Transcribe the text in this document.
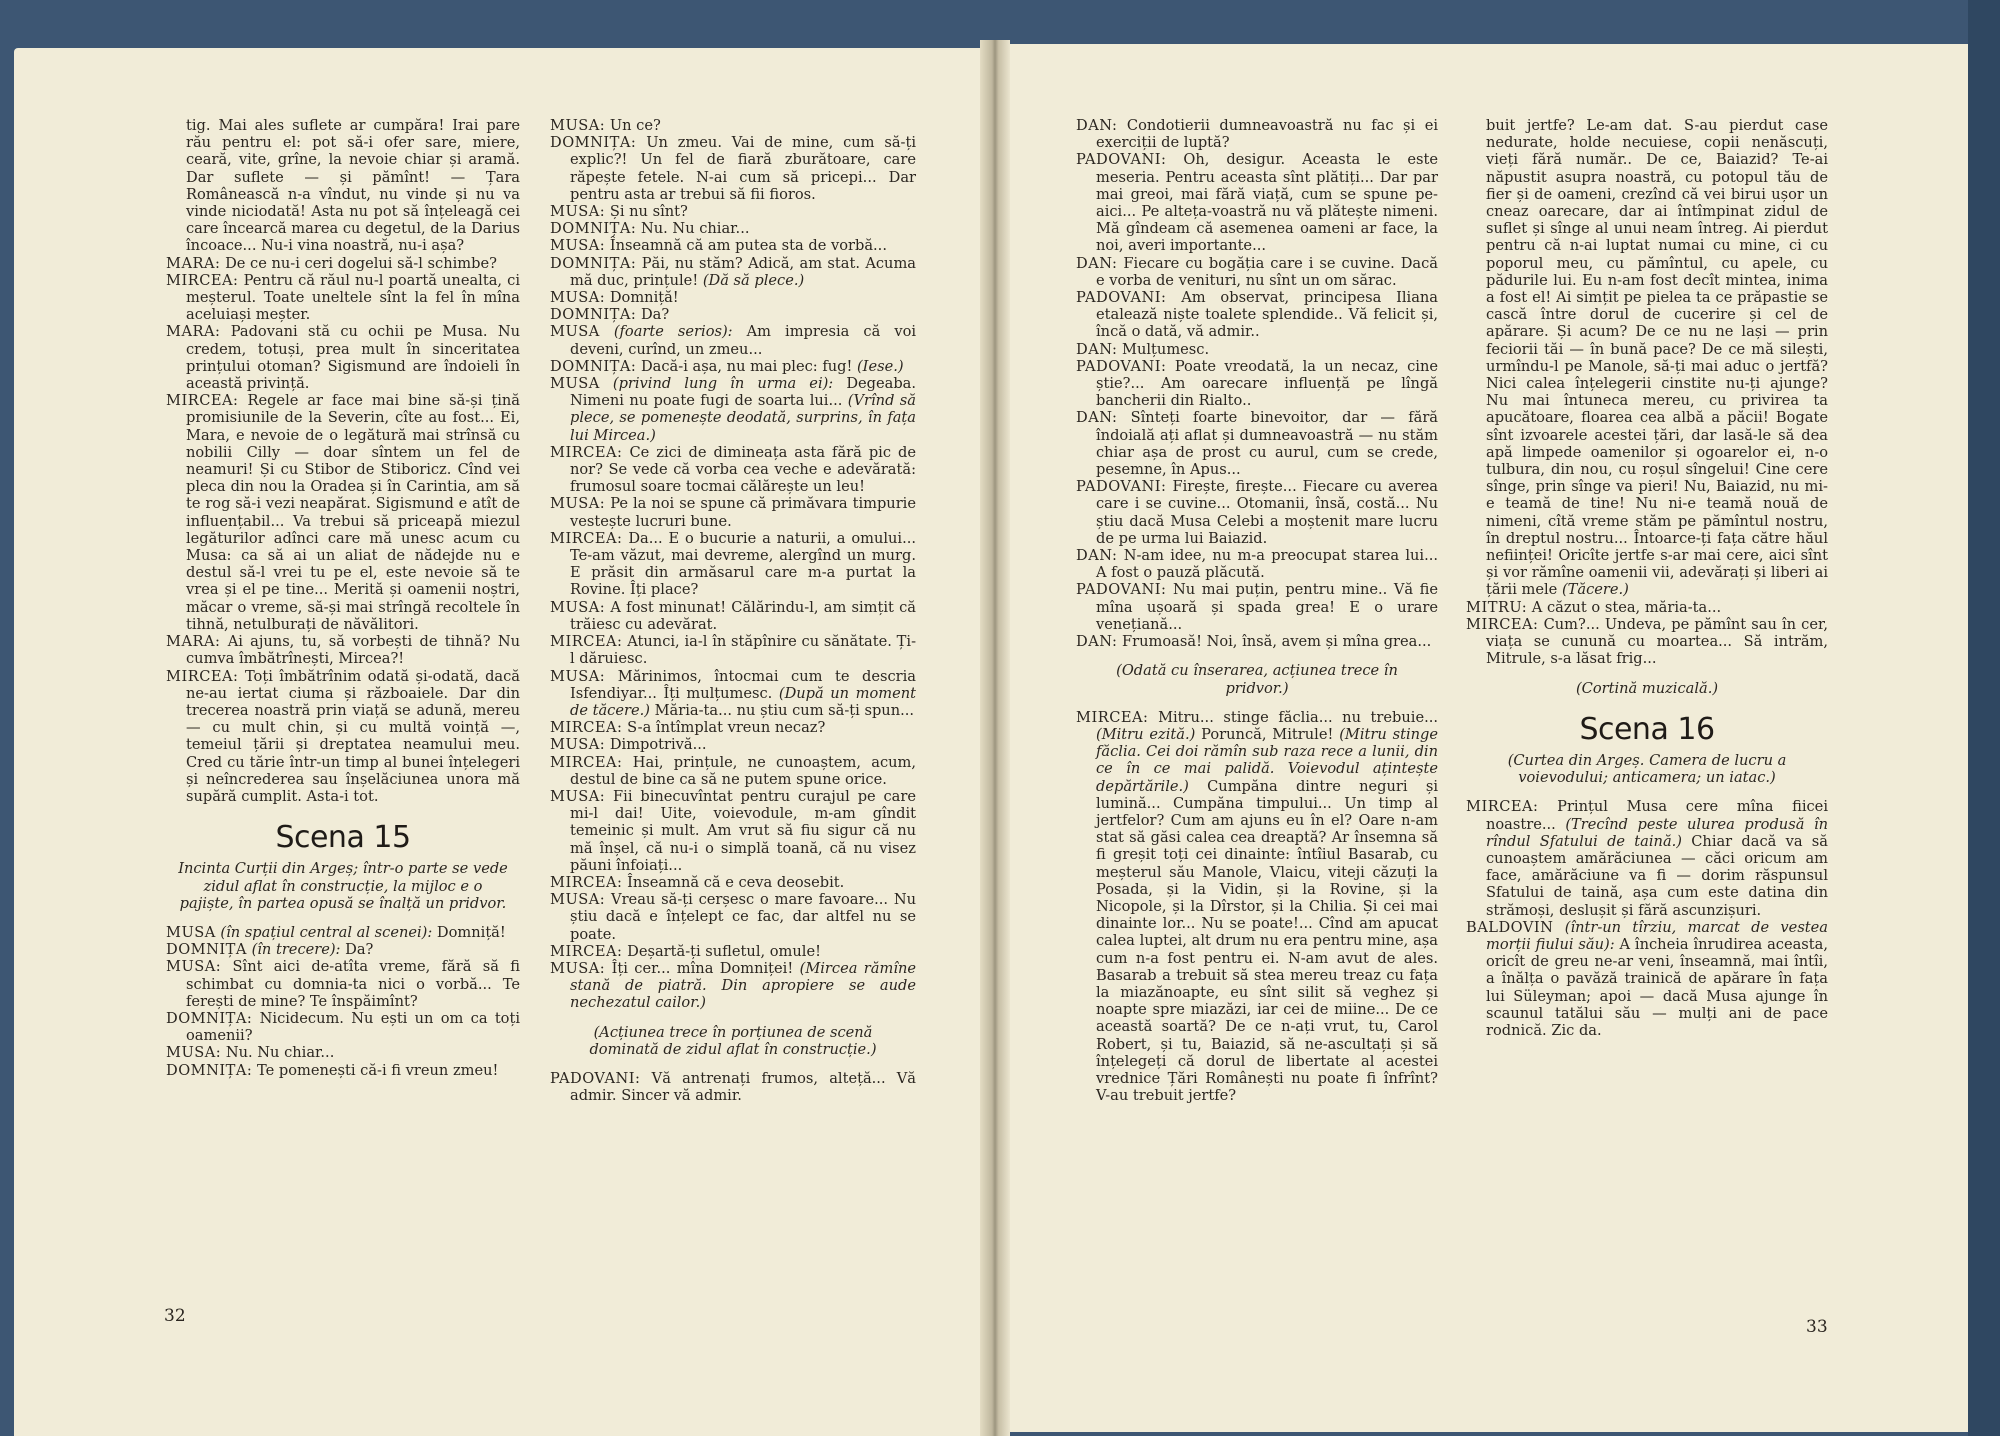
tig. Mai ales suflete ar cumpăra! Irai pare rău pentru el: pot să-i ofer sare, miere, ceară, vite, grîne, la nevoie chiar și aramă. Dar suflete — și pămînt! — Țara Românească n-a vîndut, nu vinde și nu va vinde niciodată! Asta nu pot să înțeleagă cei care încearcă marea cu degetul, de la Darius încoace... Nu-i vina noastră, nu-i așa?

MARA: De ce nu-i ceri dogelui să-l schimbe?

MIRCEA: Pentru că răul nu-l poartă unealta, ci meșterul. Toate uneltele sînt la fel în mîna aceluiași meșter.

MARA: Padovani stă cu ochii pe Musa. Nu credem, totuși, prea mult în sinceritatea prințului otoman? Sigismund are îndoieli în această privință.

MIRCEA: Regele ar face mai bine să-și țină promisiunile de la Severin, cîte au fost... Ei, Mara, e nevoie de o legătură mai strînsă cu nobilii Cilly — doar sîntem un fel de neamuri! Și cu Stibor de Stiboricz. Cînd vei pleca din nou la Oradea și în Carintia, am să te rog să-i vezi neapărat. Sigismund e atît de influențabil... Va trebui să priceapă miezul legăturilor adînci care mă unesc acum cu Musa: ca să ai un aliat de nădejde nu e destul să-l vrei tu pe el, este nevoie să te vrea și el pe tine... Merită și oamenii noștri, măcar o vreme, să-și mai strîngă recoltele în tihnă, netulburați de năvălitori.

MARA: Ai ajuns, tu, să vorbești de tihnă? Nu cumva îmbătrînești, Mircea?!

MIRCEA: Toți îmbătrînim odată și-odată, dacă ne-au iertat ciuma și războaiele. Dar din trecerea noastră prin viață se adună, mereu — cu mult chin, și cu multă voință —, temeiul țării și dreptatea neamului meu. Cred cu tărie într-un timp al bunei înțelegeri și neîncrederea sau înșelăciunea unora mă supără cumplit. Asta-i tot.

Scena 15
Incinta Curții din Argeș; într-o parte se vede zidul aflat în construcție, la mijloc e o pajiște, în partea opusă se înalță un pridvor.

MUSA (în spațiul central al scenei): Domniță!

DOMNIȚA (în trecere): Da?

MUSA: Sînt aici de-atîta vreme, fără să fi schimbat cu domnia-ta nici o vorbă... Te ferești de mine? Te înspăimînt?

DOMNIȚA: Nicidecum. Nu ești un om ca toți oamenii?

MUSA: Nu. Nu chiar...

DOMNIȚA: Te pomenești că-i fi vreun zmeu!

MUSA: Un ce?

DOMNIȚA: Un zmeu. Vai de mine, cum să-ți explic?! Un fel de fiară zburătoare, care răpește fetele. N-ai cum să pricepi... Dar pentru asta ar trebui să fii fioros.

MUSA: Și nu sînt?

DOMNIȚA: Nu. Nu chiar...

MUSA: Înseamnă că am putea sta de vorbă...

DOMNIȚA: Păi, nu stăm? Adică, am stat. Acuma mă duc, prințule! (Dă să plece.)

MUSA: Domniță!

DOMNIȚA: Da?

MUSA (foarte serios): Am impresia că voi deveni, curînd, un zmeu...

DOMNIȚA: Dacă-i așa, nu mai plec: fug! (Iese.)

MUSA (privind lung în urma ei): Degeaba. Nimeni nu poate fugi de soarta lui... (Vrînd să plece, se pomenește deodată, surprins, în fața lui Mircea.)

MIRCEA: Ce zici de dimineața asta fără pic de nor? Se vede că vorba cea veche e adevărată: frumosul soare tocmai călărește un leu!

MUSA: Pe la noi se spune că primăvara timpurie vestește lucruri bune.

MIRCEA: Da... E o bucurie a naturii, a omului... Te-am văzut, mai devreme, alergînd un murg. E prăsit din armăsarul care m-a purtat la Rovine. Îți place?

MUSA: A fost minunat! Călărindu-l, am simțit că trăiesc cu adevărat.

MIRCEA: Atunci, ia-l în stăpînire cu sănătate. Ți-l dăruiesc.

MUSA: Mărinimos, întocmai cum te descria Isfendiyar... Îți mulțumesc. (După un moment de tăcere.) Măria-ta... nu știu cum să-ți spun...

MIRCEA: S-a întîmplat vreun necaz?

MUSA: Dimpotrivă...

MIRCEA: Hai, prințule, ne cunoaștem, acum, destul de bine ca să ne putem spune orice.

MUSA: Fii binecuvîntat pentru curajul pe care mi-l dai! Uite, voievodule, m-am gîndit temeinic și mult. Am vrut să fiu sigur că nu mă înșel, că nu-i o simplă toană, că nu visez păuni înfoiați...

MIRCEA: Înseamnă că e ceva deosebit.

MUSA: Vreau să-ți cerșesc o mare favoare... Nu știu dacă e înțelept ce fac, dar altfel nu se poate.

MIRCEA: Deșartă-ți sufletul, omule!

MUSA: Îți cer... mîna Domniței! (Mircea rămîne stană de piatră. Din apropiere se aude nechezatul cailor.)

(Acțiunea trece în porțiunea de scenă dominată de zidul aflat în construcție.)

PADOVANI: Vă antrenați frumos, alteță... Vă admir. Sincer vă admir.

DAN: Condotierii dumneavoastră nu fac și ei exerciții de luptă?

PADOVANI: Oh, desigur. Aceasta le este meseria. Pentru aceasta sînt plătiți... Dar par mai greoi, mai fără viață, cum se spune pe-aici... Pe alteța-voastră nu vă plătește nimeni. Mă gîndeam că asemenea oameni ar face, la noi, averi importante...

DAN: Fiecare cu bogăția care i se cuvine. Dacă e vorba de venituri, nu sînt un om sărac.

PADOVANI: Am observat, principesa Iliana etalează niște toalete splendide.. Vă felicit și, încă o dată, vă admir..

DAN: Mulțumesc.

PADOVANI: Poate vreodată, la un necaz, cine știe?... Am oarecare influență pe lîngă bancherii din Rialto..

DAN: Sînteți foarte binevoitor, dar — fără îndoială ați aflat și dumneavoastră — nu stăm chiar așa de prost cu aurul, cum se crede, pesemne, în Apus...

PADOVANI: Firește, firește... Fiecare cu averea care i se cuvine... Otomanii, însă, costă... Nu știu dacă Musa Celebi a moștenit mare lucru de pe urma lui Baiazid.

DAN: N-am idee, nu m-a preocupat starea lui... A fost o pauză plăcută.

PADOVANI: Nu mai puțin, pentru mine.. Vă fie mîna ușoară și spada grea! E o urare venețiană...

DAN: Frumoasă! Noi, însă, avem și mîna grea...

(Odată cu înserarea, acțiunea trece în pridvor.)

MIRCEA: Mitru... stinge făclia... nu trebuie... (Mitru ezită.) Poruncă, Mitrule! (Mitru stinge făclia. Cei doi rămîn sub raza rece a lunii, din ce în ce mai palidă. Voievodul ațintește depărtările.) Cumpăna dintre neguri și lumină... Cumpăna timpului... Un timp al jertfelor? Cum am ajuns eu în el? Oare n-am stat să găsi calea cea dreaptă? Ar însemna să fi greșit toți cei dinainte: întîiul Basarab, cu meșterul său Manole, Vlaicu, viteji căzuți la Posada, și la Vidin, și la Rovine, și la Nicopole, și la Dîrstor, și la Chilia. Și cei mai dinainte lor... Nu se poate!... Cînd am apucat calea luptei, alt drum nu era pentru mine, așa cum n-a fost pentru ei. N-am avut de ales. Basarab a trebuit să stea mereu treaz cu fața la miazănoapte, eu sînt silit să veghez și noapte spre miazăzi, iar cei de miine... De ce această soartă? De ce n-ați vrut, tu, Carol Robert, și tu, Baiazid, să ne-ascultați și să înțelegeți că dorul de libertate al acestei vrednice Țări Românești nu poate fi înfrînt? V-au trebuit jertfe?

buit jertfe? Le-am dat. S-au pierdut case nedurate, holde necuiese, copii nenăscuți, vieți fără număr.. De ce, Baiazid? Te-ai năpustit asupra noastră, cu potopul tău de fier și de oameni, crezînd că vei birui ușor un cneaz oarecare, dar ai întîmpinat zidul de suflet și sînge al unui neam întreg. Ai pierdut pentru că n-ai luptat numai cu mine, ci cu poporul meu, cu pămîntul, cu apele, cu pădurile lui. Eu n-am fost decît mintea, inima a fost el! Ai simțit pe pielea ta ce prăpastie se cască între dorul de cucerire și cel de apărare. Și acum? De ce nu ne lași — prin feciorii tăi — în bună pace? De ce mă silești, urmîndu-l pe Manole, să-ți mai aduc o jertfă? Nici calea înțelegerii cinstite nu-ți ajunge? Nu mai întuneca mereu, cu privirea ta apucătoare, floarea cea albă a păcii! Bogate sînt izvoarele acestei țări, dar lasă-le să dea apă limpede oamenilor și ogoarelor ei, n-o tulbura, din nou, cu roșul sîngelui! Cine cere sînge, prin sînge va pieri! Nu, Baiazid, nu mi-e teamă de tine! Nu ni-e teamă nouă de nimeni, cîtă vreme stăm pe pămîntul nostru, în dreptul nostru... Întoarce-ți fața către hăul neființei! Oricîte jertfe s-ar mai cere, aici sînt și vor rămîne oamenii vii, adevărați și liberi ai țării mele (Tăcere.)

MITRU: A căzut o stea, măria-ta...

MIRCEA: Cum?... Undeva, pe pămînt sau în cer, viața se cunună cu moartea... Să intrăm, Mitrule, s-a lăsat frig...

(Cortină muzicală.)
Scena 16
(Curtea din Argeș. Camera de lucru a voievodului; anticamera; un iatac.)

MIRCEA: Prințul Musa cere mîna fiicei noastre... (Trecînd peste ulurea produsă în rîndul Sfatului de taină.) Chiar dacă va să cunoaștem amărăciunea — căci oricum am face, amărăciune va fi — dorim răspunsul Sfatului de taină, așa cum este datina din strămoși, deslușit și fără ascunzișuri.

BALDOVIN (într-un tîrziu, marcat de vestea morții fiului său): A încheia înrudirea aceasta, oricît de greu ne-ar veni, înseamnă, mai întîi, a înălța o pavăză trainică de apărare în fața lui Süleyman; apoi — dacă Musa ajunge în scaunul tatălui său — mulți ani de pace rodnică. Zic da.

32
33
